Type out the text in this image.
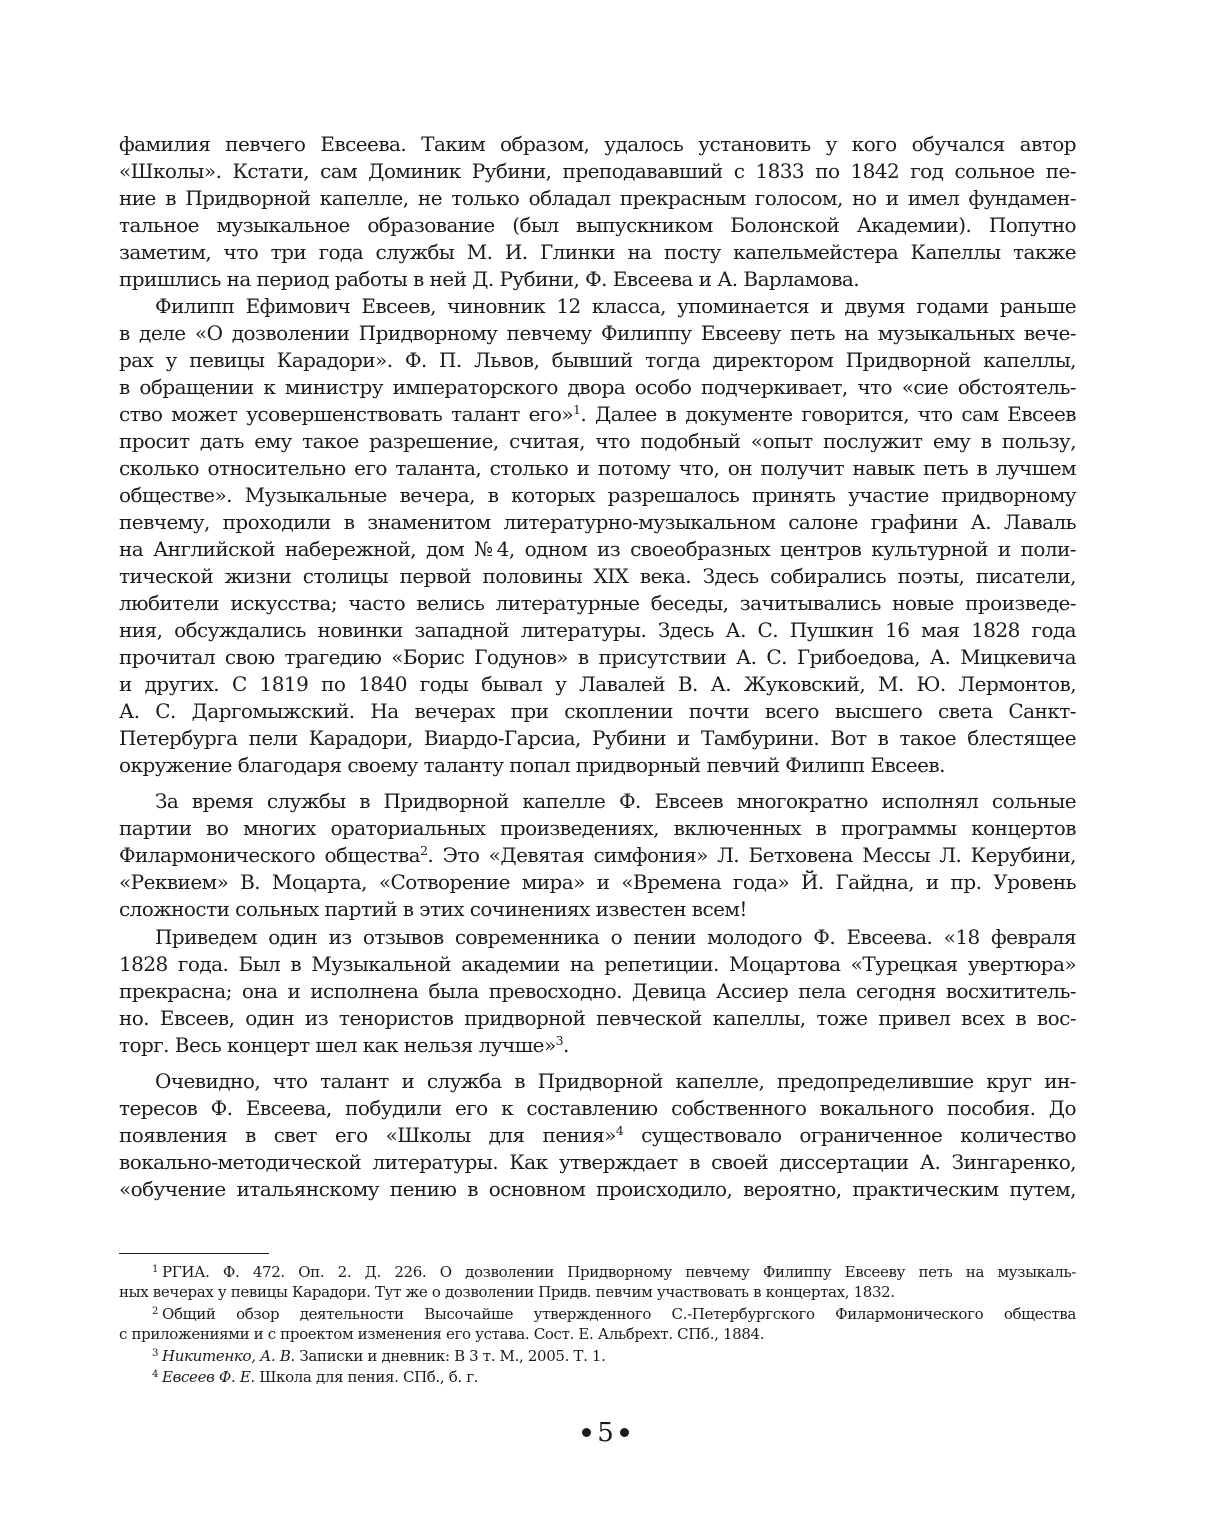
фамилия певчего Евсеева. Таким образом, удалось установить у кого обучался автор
«Школы». Кстати, сам Доминик Рубини, преподававший с 1833 по 1842 год сольное пе-
ние в Придворной капелле, не только обладал прекрасным голосом, но и имел фундамен-
тальное музыкальное образование (был выпускником Болонской Академии). Попутно
заметим, что три года службы М. И. Глинки на посту капельмейстера Капеллы также
пришлись на период работы в ней Д. Рубини, Ф. Евсеева и А. Варламова.
Филипп Ефимович Евсеев, чиновник 12 класса, упоминается и двумя годами раньше
в деле «О дозволении Придворному певчему Филиппу Евсееву петь на музыкальных вече-
рах у певицы Карадори». Ф. П. Львов, бывший тогда директором Придворной капеллы,
в обращении к министру императорского двора особо подчеркивает, что «сие обстоятель-
ство может усовершенствовать талант его»$^1$. Далее в документе говорится, что сам Евсеев
просит дать ему такое разрешение, считая, что подобный «опыт послужит ему в пользу,
сколько относительно его таланта, столько и потому что, он получит навык петь в лучшем
обществе». Музыкальные вечера, в которых разрешалось принять участие придворному
певчему, проходили в знаменитом литературно-музыкальном салоне графини А. Лаваль
на Английской набережной, дом №4, одном из своеобразных центров культурной и поли-
тической жизни столицы первой половины XIX века. Здесь собирались поэты, писатели,
любители искусства; часто велись литературные беседы, зачитывались новые произведе-
ния, обсуждались новинки западной литературы. Здесь А. С. Пушкин 16 мая 1828 года
прочитал свою трагедию «Борис Годунов» в присутствии А. С. Грибоедова, А. Мицкевича
и других. С 1819 по 1840 годы бывал у Лавалей В. А. Жуковский, М. Ю. Лермонтов,
А. С. Даргомыжский. На вечерах при скоплении почти всего высшего света Санкт-
Петербурга пели Карадори, Виардо-Гарсиа, Рубини и Тамбурини. Вот в такое блестящее
окружение благодаря своему таланту попал придворный певчий Филипп Евсеев.
За время службы в Придворной капелле Ф. Евсеев многократно исполнял сольные
партии во многих ораториальных произведениях, включенных в программы концертов
Филармонического общества$^2$. Это «Девятая симфония» Л. Бетховена Мессы Л. Керубини,
«Реквием» В. Моцарта, «Сотворение мира» и «Времена года» Й. Гайдна, и пр. Уровень
сложности сольных партий в этих сочинениях известен всем!
Приведем один из отзывов современника о пении молодого Ф. Евсеева. «18 февраля
1828 года. Был в Музыкальной академии на репетиции. Моцартова «Турецкая увертюра»
прекрасна; она и исполнена была превосходно. Девица Ассиер пела сегодня восхититель-
но. Евсеев, один из тенористов придворной певческой капеллы, тоже привел всех в вос-
торг. Весь концерт шел как нельзя лучше»$^3$.
Очевидно, что талант и служба в Придворной капелле, предопределившие круг ин-
тересов Ф. Евсеева, побудили его к составлению собственного вокального пособия. До
появления в свет его «Школы для пения»$^4$ существовало ограниченное количество
вокально-методической литературы. Как утверждает в своей диссертации А. Зингаренко,
«обучение итальянскому пению в основном происходило, вероятно, практическим путем,
$^1$ РГИА. Ф. 472. Оп. 2. Д. 226. О дозволении Придворному певчему Филиппу Евсееву петь на музыкаль-
ных вечерах у певицы Карадори. Тут же о дозволении Придв. певчим участвовать в концертах, 1832.
$^2$ Общий обзор деятельности Высочайше утвержденного С.-Петербургского Филармонического общества
с приложениями и с проектом изменения его устава. Сост. Е. Альбрехт. СПб., 1884.
$^3$ Никитенко, А. В. Записки и дневник: В 3 т. М., 2005. Т. 1.
$^4$ Евсеев Ф. Е. Школа для пения. СПб., б. г.
5
